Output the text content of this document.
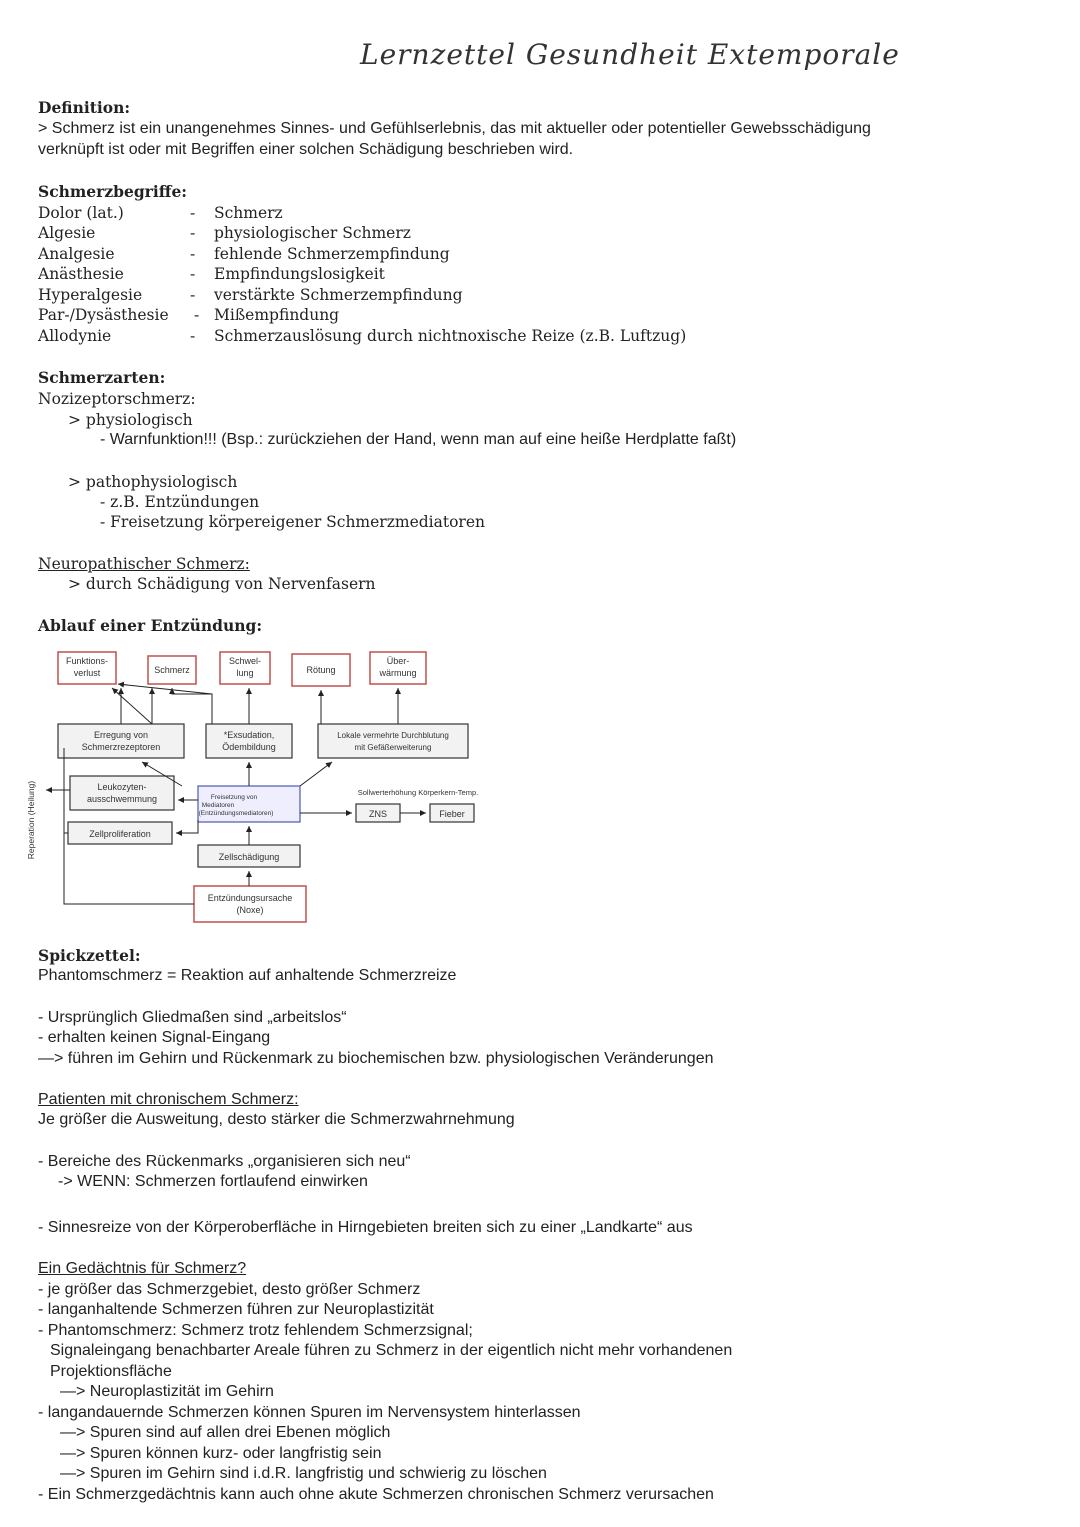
Lernzettel Gesundheit Extemporale
Definition:
> Schmerz ist ein unangenehmes Sinnes- und Gefühlserlebnis, das mit aktueller oder potentieller Gewebsschädigung
verknüpft ist oder mit Begriffen einer solchen Schädigung beschrieben wird.
Schmerzbegriffe:
Dolor (lat.)	- Schmerz
Algesie	- physiologischer Schmerz
Analgesie	- fehlende Schmerzempfindung
Anästhesie	- Empfindungslosigkeit
Hyperalgesie	- verstärkte Schmerzempfindung
Par-/Dysästhesie - Mißempfindung
Allodynie	- Schmerzauslösung durch nichtnoxische Reize (z.B. Luftzug)
Schmerzarten:
Nozizeptorschmerz:
> physiologisch
- Warnfunktion!!! (Bsp.: zurückziehen der Hand, wenn man auf eine heiße Herdplatte faßt)
> pathophysiologisch
- z.B. Entzündungen
- Freisetzung körpereigener Schmerzmediatoren
Neuropathischer Schmerz:
> durch Schädigung von Nervenfasern
Ablauf einer Entzündung:
Funktions-
verlust	Schmerz
Schwel-
lung	Rötung
Über-
wärmung
Erregung von
Schmerzrezeptoren
*Exsudation,
Ödembildung
Lokale vermehrte Durchblutung
mit Gefäßerweiterung
Leukozyten-
ausschwemmung	Freisetzung von
Mediatoren
(Entzündungsmediatoren)
Sollwerterhöhung Körperkern-Temp.
ZNS	Fieber
Zellproliferation
Zellschädigung
Entzündungsursache
(Noxe)
Reperation (Heilung)
Spickzettel:
Phantomschmerz = Reaktion auf anhaltende Schmerzreize
- Ursprünglich Gliedmaßen sind „arbeitslos“
- erhalten keinen Signal-Eingang
—> führen im Gehirn und Rückenmark zu biochemischen bzw. physiologischen Veränderungen
Patienten mit chronischem Schmerz:
Je größer die Ausweitung, desto stärker die Schmerzwahrnehmung
- Bereiche des Rückenmarks „organisieren sich neu“
-> WENN: Schmerzen fortlaufend einwirken
- Sinnesreize von der Körperoberfläche in Hirngebieten breiten sich zu einer „Landkarte“ aus
Ein Gedächtnis für Schmerz?
- je größer das Schmerzgebiet, desto größer Schmerz
- langanhaltende Schmerzen führen zur Neuroplastizität
- Phantomschmerz: Schmerz trotz fehlendem Schmerzsignal;
Signaleingang benachbarter Areale führen zu Schmerz in der eigentlich nicht mehr vorhandenen
Projektionsfläche
—> Neuroplastizität im Gehirn
- langandauernde Schmerzen können Spuren im Nervensystem hinterlassen
—> Spuren sind auf allen drei Ebenen möglich
—> Spuren können kurz- oder langfristig sein
—> Spuren im Gehirn sind i.d.R. langfristig und schwierig zu löschen
- Ein Schmerzgedächtnis kann auch ohne akute Schmerzen chronischen Schmerz verursachen
